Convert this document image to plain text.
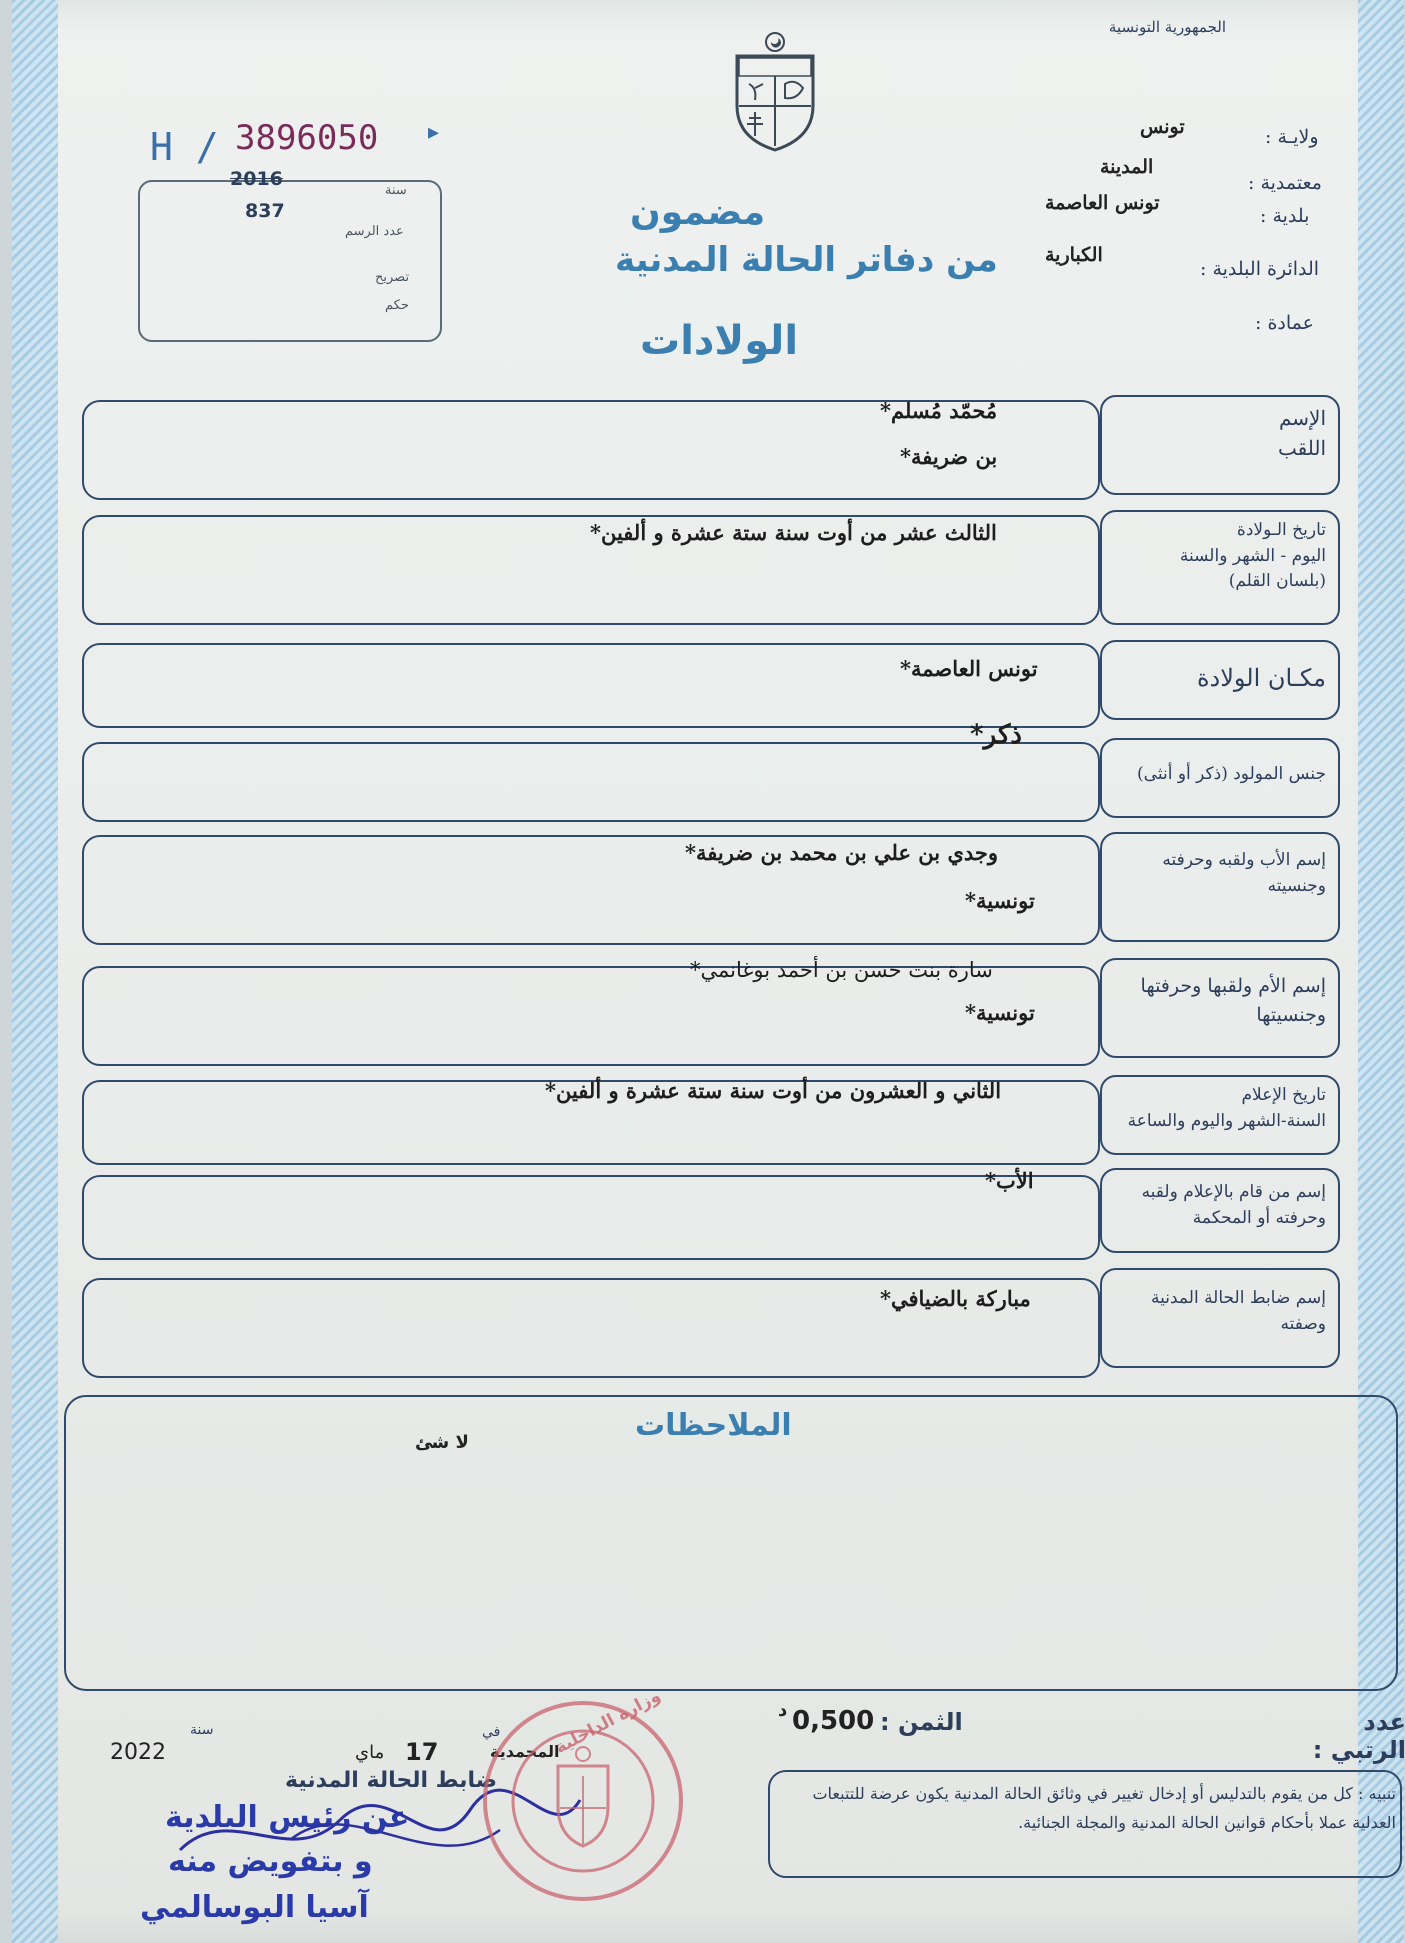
الجمهورية التونسية
H / 3896050 ▸
2016
837
سنة
عدد الرسم
تصريح
حكم
ولايـة :
تونس
معتمدية :
المدينة
بلدية :
تونس العاصمة
الدائرة البلدية :
الكبارية
عمادة :
مضمون
من دفاتر الحالة المدنية
الولادات
الإسم
اللقب
مُحمّد مُسلم*
بن ضريفة*
تاريخ الـولادة
اليوم - الشهر والسنة
(بلسان القلم)
الثالث عشر من أوت سنة ستة عشرة و ألفين*
مكـان الولادة
تونس العاصمة*
جنس المولود (ذكر أو أنثى)
ذكر*
إسم الأب ولقبه وحرفته
وجنسيته
وجدي بن علي بن محمد بن ضريفة*
تونسية*
إسم الأم ولقبها وحرفتها
وجنسيتها
سارة بنت حسن بن أحمد بوغانمي*
تونسية*
تاريخ الإعلام
السنة-الشهر واليوم والساعة
الثاني و العشرون من أوت سنة ستة عشرة و ألفين*
إسم من قام بالإعلام ولقبه
وحرفته أو المحكمة
الأب*
إسم ضابط الحالة المدنية
وصفته
مباركة بالضيافي*
الملاحظات
لا شئ
عدد الرتبي :
الثمن :
0,500
د
تنبيه : كل من يقوم بالتدليس أو إدخال تغيير في وثائق الحالة المدنية يكون عرضة للتتبعات العدلية عملا بأحكام قوانين الحالة المدنية والمجلة الجنائية.
سنة
2022	ماي 17
في
المحمدية
ضابط الحالة المدنية
عن رئيس البلدية
و بتفويض منه
آسيا البوسالمي
وزارة الداخلية
